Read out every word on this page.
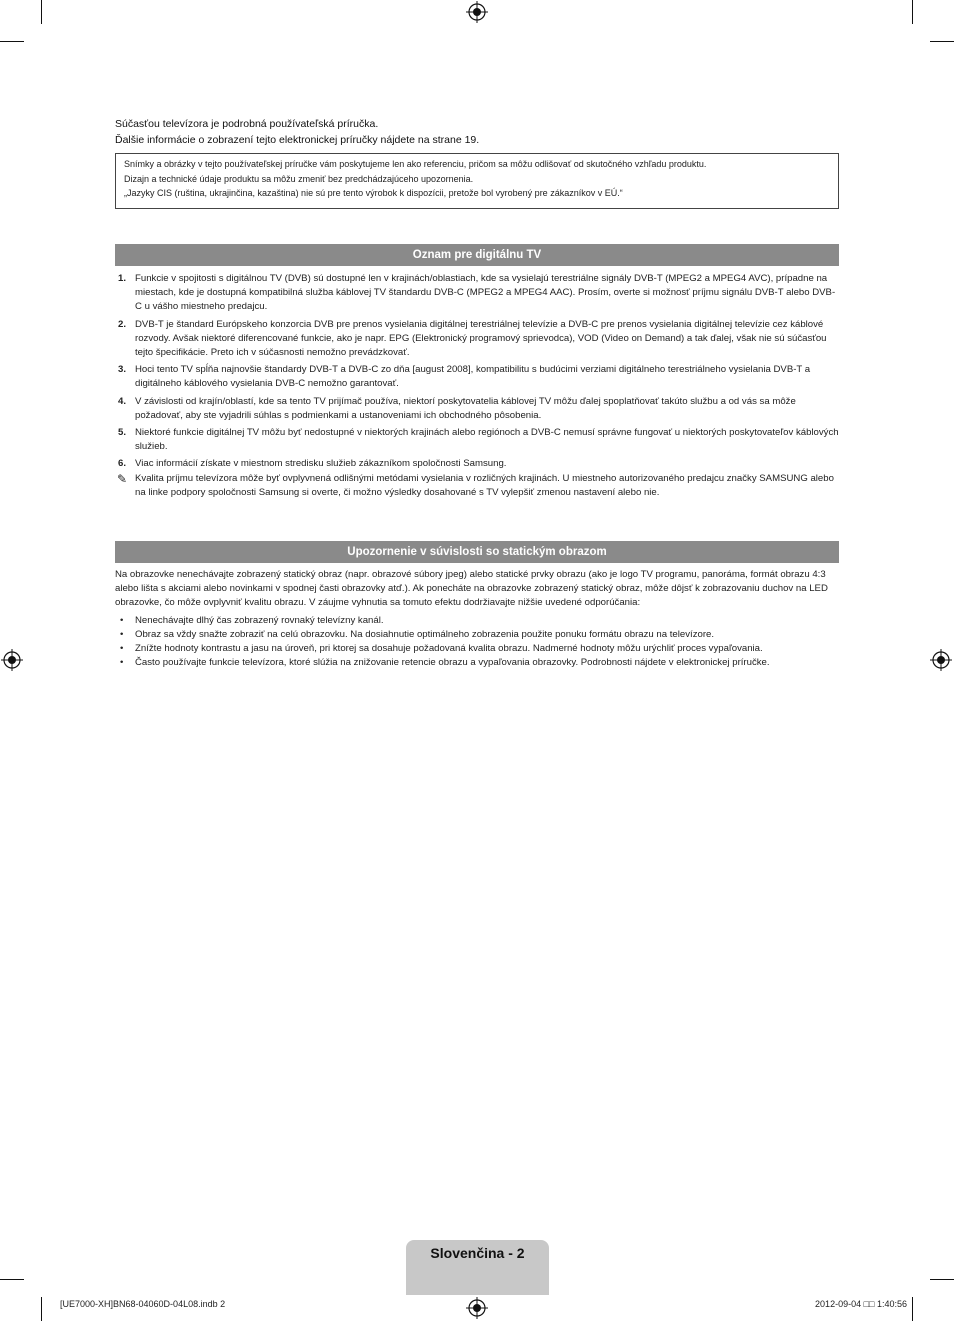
Súčasťou televízora je podrobná používateľská príručka.
Ďalšie informácie o zobrazení tejto elektronickej príručky nájdete na strane 19.
Snímky a obrázky v tejto používateľskej príručke vám poskytujeme len ako referenciu, pričom sa môžu odlišovať od skutočného vzhľadu produktu.
Dizajn a technické údaje produktu sa môžu zmeniť bez predchádzajúceho upozornenia.
„Jazyky CIS (ruština, ukrajinčina, kazaština) nie sú pre tento výrobok k dispozícii, pretože bol vyrobený pre zákazníkov v EÚ.“
Oznam pre digitálnu TV
1. Funkcie v spojitosti s digitálnou TV (DVB) sú dostupné len v krajinách/oblastiach, kde sa vysielajú terestriálne signály DVB-T (MPEG2 a MPEG4 AVC), prípadne na miestach, kde je dostupná kompatibilná služba káblovej TV štandardu DVB-C (MPEG2 a MPEG4 AAC). Prosím, overte si možnosť príjmu signálu DVB-T alebo DVB-C u vášho miestneho predajcu.
2. DVB-T je štandard Európskeho konzorcia DVB pre prenos vysielania digitálnej terestriálnej televízie a DVB-C pre prenos vysielania digitálnej televízie cez káblové rozvody. Avšak niektoré diferencované funkcie, ako je napr. EPG (Elektronický programový sprievodca), VOD (Video on Demand) a tak ďalej, však nie sú súčasťou tejto špecifikácie. Preto ich v súčasnosti nemožno prevádzkovať.
3. Hoci tento TV spĺňa najnovšie štandardy DVB-T a DVB-C zo dňa [august 2008], kompatibilitu s budúcimi verziami digitálneho terestriálneho vysielania DVB-T a digitálneho káblového vysielania DVB-C nemožno garantovať.
4. V závislosti od krajín/oblastí, kde sa tento TV prijímač používa, niektorí poskytovatelia káblovej TV môžu ďalej spoplatňovať takúto službu a od vás sa môže požadovať, aby ste vyjadrili súhlas s podmienkami a ustanoveniami ich obchodného pôsobenia.
5. Niektoré funkcie digitálnej TV môžu byť nedostupné v niektorých krajinách alebo regiónoch a DVB-C nemusí správne fungovať u niektorých poskytovateľov káblových služieb.
6. Viac informácií získate v miestnom stredisku služieb zákazníkom spoločnosti Samsung.
✎ Kvalita príjmu televízora môže byť ovplyvnená odlišnými metódami vysielania v rozličných krajinách. U miestneho autorizovaného predajcu značky SAMSUNG alebo na linke podpory spoločnosti Samsung si overte, či možno výsledky dosahované s TV vylepšiť zmenou nastavení alebo nie.
Upozornenie v súvislosti so statickým obrazom
Na obrazovke nenechávajte zobrazený statický obraz (napr. obrazové súbory jpeg) alebo statické prvky obrazu (ako je logo TV programu, panoráma, formát obrazu 4:3 alebo lišta s akciami alebo novinkami v spodnej časti obrazovky atď.). Ak ponecháte na obrazovke zobrazený statický obraz, môže dôjsť k zobrazovaniu duchov na LED obrazovke, čo môže ovplyvniť kvalitu obrazu. V záujme vyhnutia sa tomuto efektu dodržiavajte nižšie uvedené odporúčania:
• Nenechávajte dlhý čas zobrazený rovnaký televízny kanál.
• Obraz sa vždy snažte zobraziť na celú obrazovku. Na dosiahnutie optimálneho zobrazenia použite ponuku formátu obrazu na televízore.
• Znížte hodnoty kontrastu a jasu na úroveň, pri ktorej sa dosahuje požadovaná kvalita obrazu. Nadmerné hodnoty môžu urýchliť proces vypaľovania.
• Často používajte funkcie televízora, ktoré slúžia na znižovanie retencie obrazu a vypaľovania obrazovky. Podrobnosti nájdete v elektronickej príručke.
Slovenčina - 2
[UE7000-XH]BN68-04060D-04L08.indb 2	2012-09-04 □□ 1:40:56
